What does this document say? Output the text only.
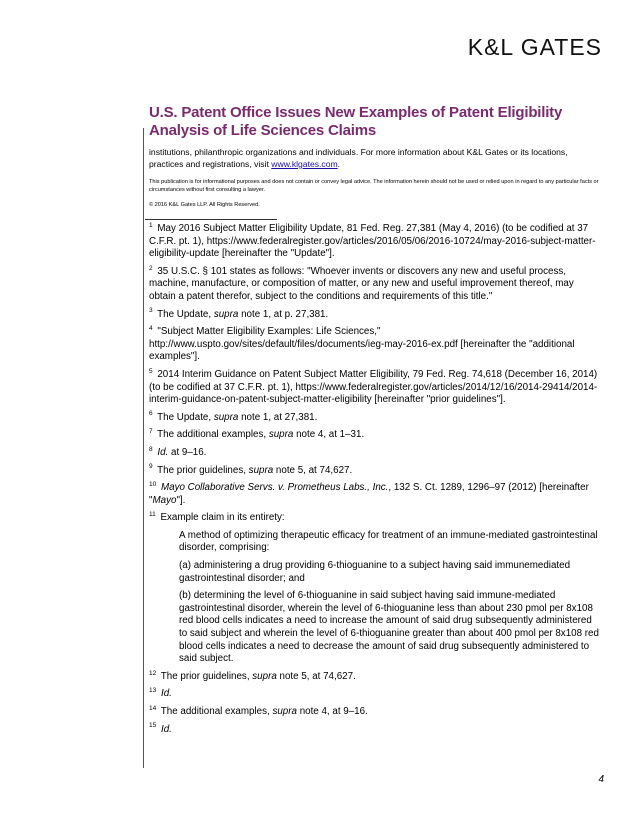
K&L GATES
U.S. Patent Office Issues New Examples of Patent Eligibility Analysis of Life Sciences Claims

institutions, philanthropic organizations and individuals. For more information about K&L Gates or its locations, practices and registrations, visit www.klgates.com.

This publication is for informational purposes and does not contain or convey legal advice. The information herein should not be used or relied upon in regard to any particular facts or circumstances without first consulting a lawyer.

© 2016 K&L Gates LLP. All Rights Reserved.

$^1$ May 2016 Subject Matter Eligibility Update, 81 Fed. Reg. 27,381 (May 4, 2016) (to be codified at 37 C.F.R. pt. 1), https://www.federalregister.gov/articles/2016/05/06/2016-10724/may-2016-subject-matter-eligibility-update [hereinafter the "Update"].

$^2$ 35 U.S.C. § 101 states as follows: "Whoever invents or discovers any new and useful process, machine, manufacture, or composition of matter, or any new and useful improvement thereof, may obtain a patent therefor, subject to the conditions and requirements of this title."

$^3$ The Update, supra note 1, at p. 27,381.

$^4$ "Subject Matter Eligibility Examples: Life Sciences," http://www.uspto.gov/sites/default/files/documents/ieg-may-2016-ex.pdf [hereinafter the "additional examples"].

$^5$ 2014 Interim Guidance on Patent Subject Matter Eligibility, 79 Fed. Reg. 74,618 (December 16, 2014) (to be codified at 37 C.F.R. pt. 1), https://www.federalregister.gov/articles/2014/12/16/2014-29414/2014-interim-guidance-on-patent-subject-matter-eligibility [hereinafter "prior guidelines"].

$^6$ The Update, supra note 1, at 27,381.

$^7$ The additional examples, supra note 4, at 1–31.

$^8$ Id. at 9–16.

$^9$ The prior guidelines, supra note 5, at 74,627.

$^{10}$ Mayo Collaborative Servs. v. Prometheus Labs., Inc., 132 S. Ct. 1289, 1296–97 (2012) [hereinafter "Mayo"].

$^{11}$ Example claim in its entirety:

A method of optimizing therapeutic efficacy for treatment of an immune-mediated gastrointestinal disorder, comprising:

(a) administering a drug providing 6-thioguanine to a subject having said immunemediated gastrointestinal disorder; and

(b) determining the level of 6-thioguanine in said subject having said immune-mediated gastrointestinal disorder, wherein the level of 6-thioguanine less than about 230 pmol per 8x108 red blood cells indicates a need to increase the amount of said drug subsequently administered to said subject and wherein the level of 6-thioguanine greater than about 400 pmol per 8x108 red blood cells indicates a need to decrease the amount of said drug subsequently administered to said subject.

$^{12}$ The prior guidelines, supra note 5, at 74,627.

$^{13}$ Id.

$^{14}$ The additional examples, supra note 4, at 9–16.

$^{15}$ Id.

4
